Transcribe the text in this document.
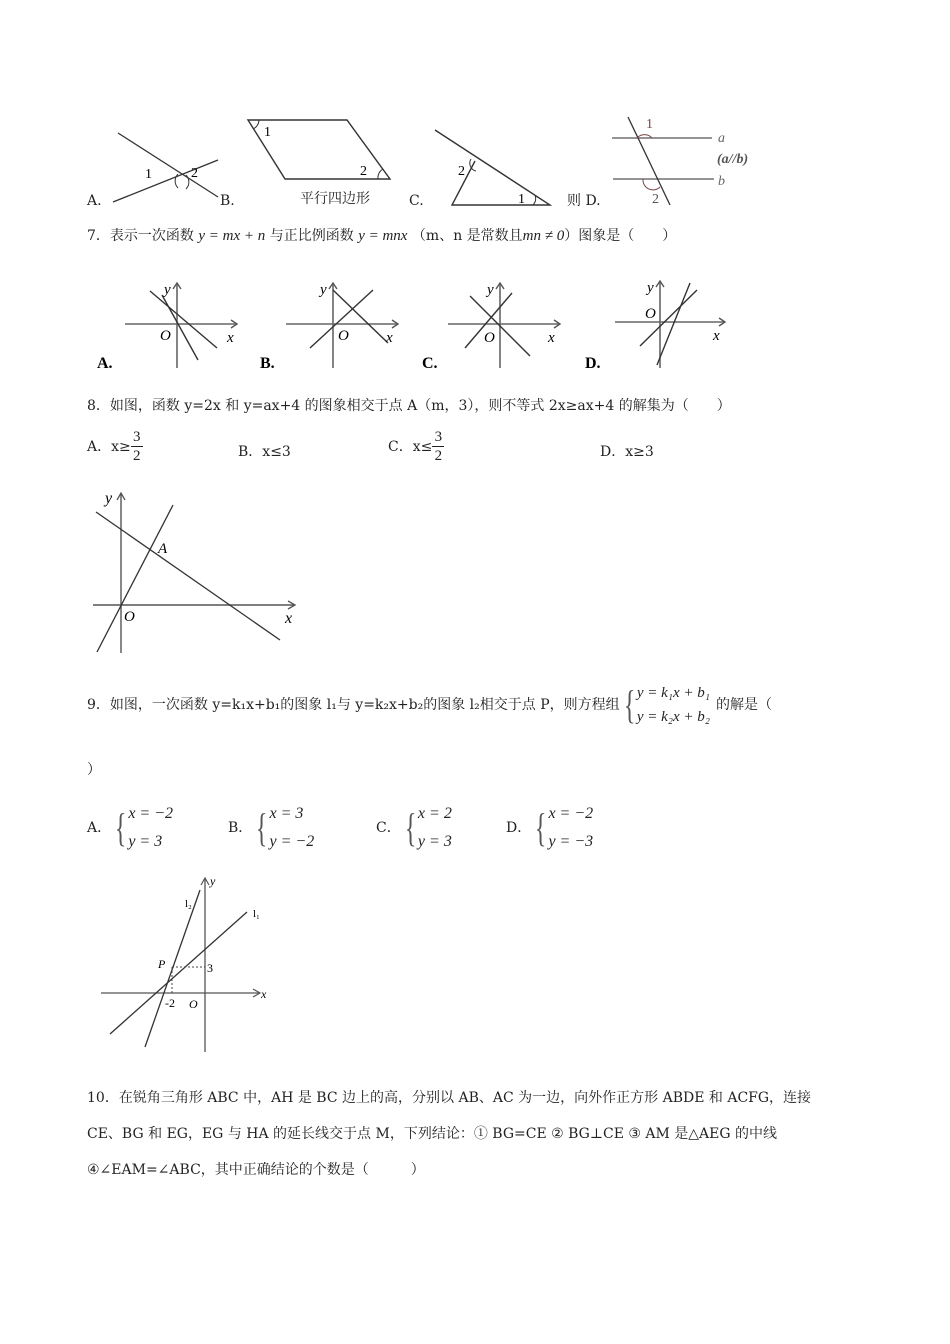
A.
1	2
B.
1
2
平行四边形	C.
2
1	则 D.
1
2
a
(a//b)
b
7．表示一次函数 y = mx + n 与正比例函数 y = mnx （m、n 是常数且mn ≠ 0）图象是（　　）
y
O	x
A.
y
O x
B.
y
O	x
C.
y
O
x
D.
8．如图，函数 y=2x 和 y=ax+4 的图象相交于点 A（m，3），则不等式 2x≥ax+4 的解集为（　　）
A． $x\ge \frac{3}{2}$	B．x≤3	C． $x\le \frac{3}{2}$	D．x≥3
y
O	x
A
9．如图，一次函数 y=k₁x+b₁的图象 l₁与 y=k₂x+b₂的图象 l₂相交于点 P，则方程组 { y = k₁x + b₁
y = k₂x + b₂
的解是（
）
A． { x = −2
y = 3
B． { x = 3
y = −2
C． { x = 2
y = 3
D． { x = −2
y = −3
y
x
O
P	3
-2
l₂
l₁
10．在锐角三角形 ABC 中，AH 是 BC 边上的高，分别以 AB、AC 为一边，向外作正方形 ABDE 和 ACFG，连接
CE、BG 和 EG，EG 与 HA 的延长线交于点 M，下列结论：① BG=CE ② BG⊥CE ③ AM 是△AEG 的中线
④∠EAM=∠ABC，其中正确结论的个数是（　　　）
